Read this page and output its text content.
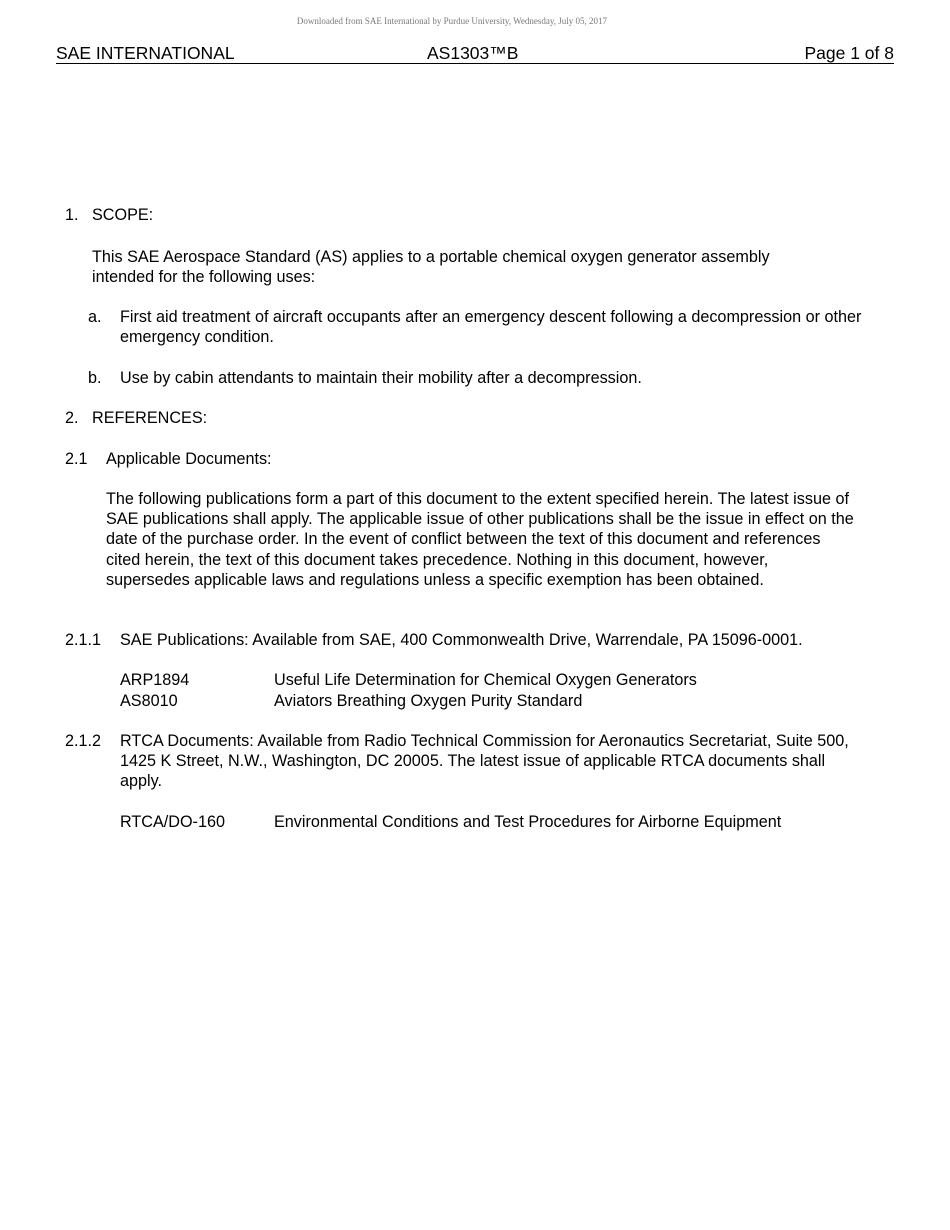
Downloaded from SAE International by Purdue University, Wednesday, July 05, 2017
SAE INTERNATIONAL	AS1303™B	Page 1 of 8
1. SCOPE:
This SAE Aerospace Standard (AS) applies to a portable chemical oxygen generator assembly intended for the following uses:
a. First aid treatment of aircraft occupants after an emergency descent following a decompression or other emergency condition.
b. Use by cabin attendants to maintain their mobility after a decompression.
2. REFERENCES:
2.1 Applicable Documents:
The following publications form a part of this document to the extent specified herein. The latest issue of SAE publications shall apply. The applicable issue of other publications shall be the issue in effect on the date of the purchase order. In the event of conflict between the text of this document and references cited herein, the text of this document takes precedence. Nothing in this document, however, supersedes applicable laws and regulations unless a specific exemption has been obtained.
2.1.1 SAE Publications: Available from SAE, 400 Commonwealth Drive, Warrendale, PA 15096-0001.
ARP1894	Useful Life Determination for Chemical Oxygen Generators
AS8010	Aviators Breathing Oxygen Purity Standard
2.1.2 RTCA Documents: Available from Radio Technical Commission for Aeronautics Secretariat, Suite 500, 1425 K Street, N.W., Washington, DC 20005. The latest issue of applicable RTCA documents shall apply.
RTCA/DO-160	Environmental Conditions and Test Procedures for Airborne Equipment
